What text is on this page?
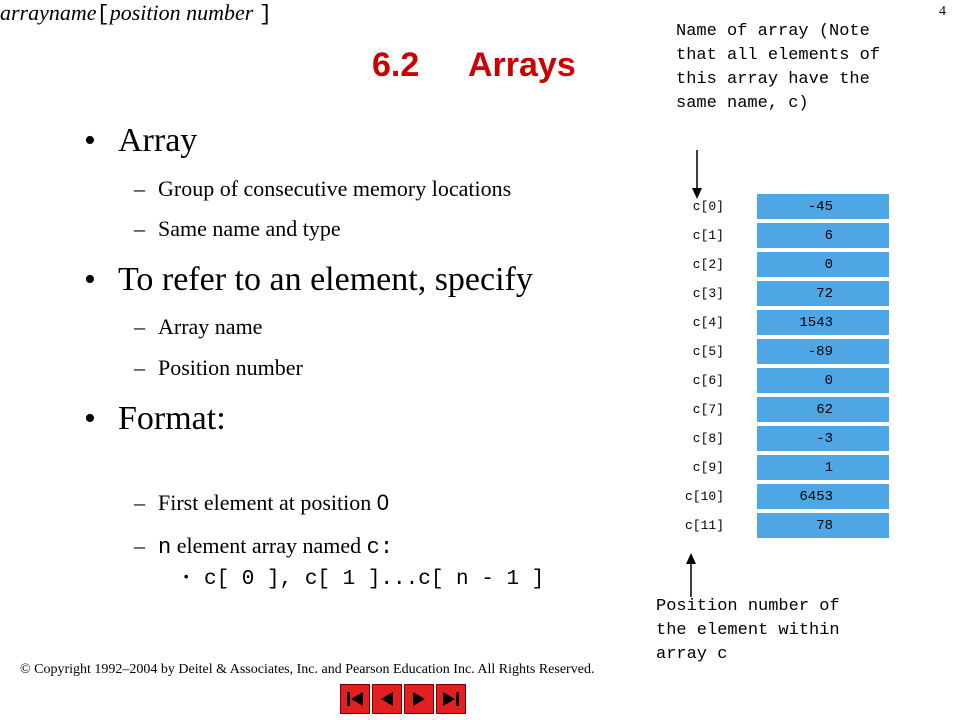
4
6.2 Arrays
Name of array (Note
that all elements of
this array have the
same name, c)
• Array
– Group of consecutive memory locations
– Same name and type
• To refer to an element, specify
– Array name
– Position number
• Format:
arrayname[position number ]
– First element at position 0
– n element array named c:
• c[ 0 ], c[ 1 ]...c[ n - 1 ]
c[0]	-45
c[1]	6
c[2]	0
c[3]	72
c[4]	1543
c[5]	-89
c[6]	0
c[7]	62
c[8]	-3
c[9]	1
c[10]	6453
c[11]	78
Position number of
the element within
array c
© Copyright 1992–2004 by Deitel & Associates, Inc. and Pearson Education Inc. All Rights Reserved.
